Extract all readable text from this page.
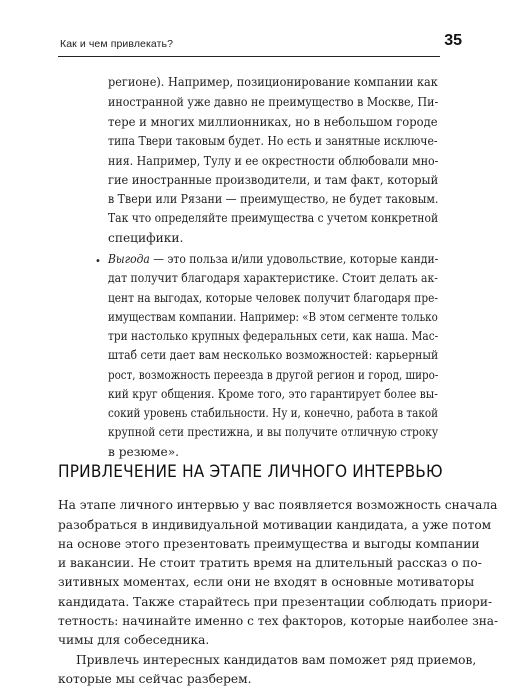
Как и чем привлекать?	35
регионе). Например, позиционирование компании как
иностранной уже давно не преимущество в Москве, Пи-
тере и многих миллионниках, но в небольшом городе
типа Твери таковым будет. Но есть и занятные исключе-
ния. Например, Тулу и ее окрестности облюбовали мно-
гие иностранные производители, и там факт, который
в Твери или Рязани — преимущество, не будет таковым.
Так что определяйте преимущества с учетом конкретной
специфики.
• Выгода — это польза и/или удовольствие, которые канди-
дат получит благодаря характеристике. Стоит делать ак-
цент на выгодах, которые человек получит благодаря пре-
имуществам компании. Например: «В этом сегменте только
три настолько крупных федеральных сети, как наша. Мас-
штаб сети дает вам несколько возможностей: карьерный
рост, возможность переезда в другой регион и город, широ-
кий круг общения. Кроме того, это гарантирует более вы-
сокий уровень стабильности. Ну и, конечно, работа в такой
крупной сети престижна, и вы получите отличную строку
в резюме».
ПРИВЛЕЧЕНИЕ НА ЭТАПЕ ЛИЧНОГО ИНТЕРВЬЮ
На этапе личного интервью у вас появляется возможность сначала
разобраться в индивидуальной мотивации кандидата, а уже потом
на основе этого презентовать преимущества и выгоды компании
и вакансии. Не стоит тратить время на длительный рассказ о по-
зитивных моментах, если они не входят в основные мотиваторы
кандидата. Также старайтесь при презентации соблюдать приори-
тетность: начинайте именно с тех факторов, которые наиболее зна-
чимы для собеседника.
Привлечь интересных кандидатов вам поможет ряд приемов,
которые мы сейчас разберем.
